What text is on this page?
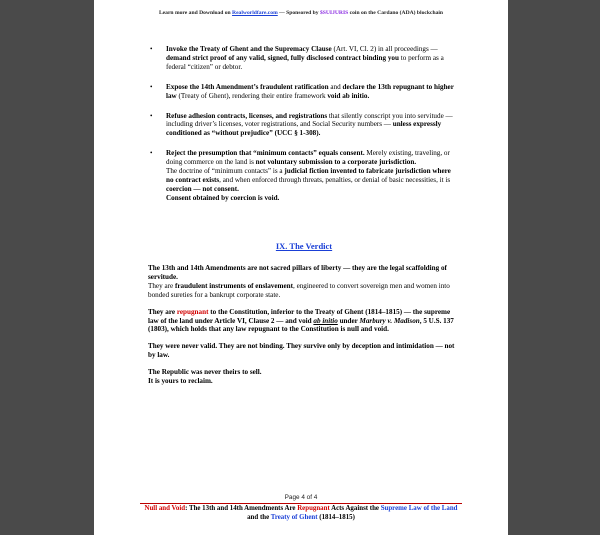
Learn more and Download on Realworldfare.com — Sponsored by $SUIJURIS coin on the Cardano (ADA) blockchain
• Invoke the Treaty of Ghent and the Supremacy Clause (Art. VI, Cl. 2) in all proceedings — demand strict proof of any valid, signed, fully disclosed contract binding you to perform as a federal “citizen” or debtor.
• Expose the 14th Amendment’s fraudulent ratification and declare the 13th repugnant to higher law (Treaty of Ghent), rendering their entire framework void ab initio.
• Refuse adhesion contracts, licenses, and registrations that silently conscript you into servitude — including driver’s licenses, voter registrations, and Social Security numbers — unless expressly conditioned as “without prejudice” (UCC § 1-308).
• Reject the presumption that “minimum contacts” equals consent. Merely existing, traveling, or doing commerce on the land is not voluntary submission to a corporate jurisdiction.
The doctrine of “minimum contacts” is a judicial fiction invented to fabricate jurisdiction where no contract exists, and when enforced through threats, penalties, or denial of basic necessities, it is coercion — not consent.
Consent obtained by coercion is void.
IX. The Verdict

The 13th and 14th Amendments are not sacred pillars of liberty — they are the legal scaffolding of servitude.
They are fraudulent instruments of enslavement, engineered to convert sovereign men and women into bonded sureties for a bankrupt corporate state.

They are repugnant to the Constitution, inferior to the Treaty of Ghent (1814–1815) — the supreme law of the land under Article VI, Clause 2 — and void ab initio under Marbury v. Madison, 5 U.S. 137 (1803), which holds that any law repugnant to the Constitution is null and void.

They were never valid. They are not binding. They survive only by deception and intimidation — not by law.

The Republic was never theirs to sell.
It is yours to reclaim.

Page 4 of 4
Null and Void: The 13th and 14th Amendments Are Repugnant Acts Against the Supreme Law of the Land and the Treaty of Ghent (1814–1815)
